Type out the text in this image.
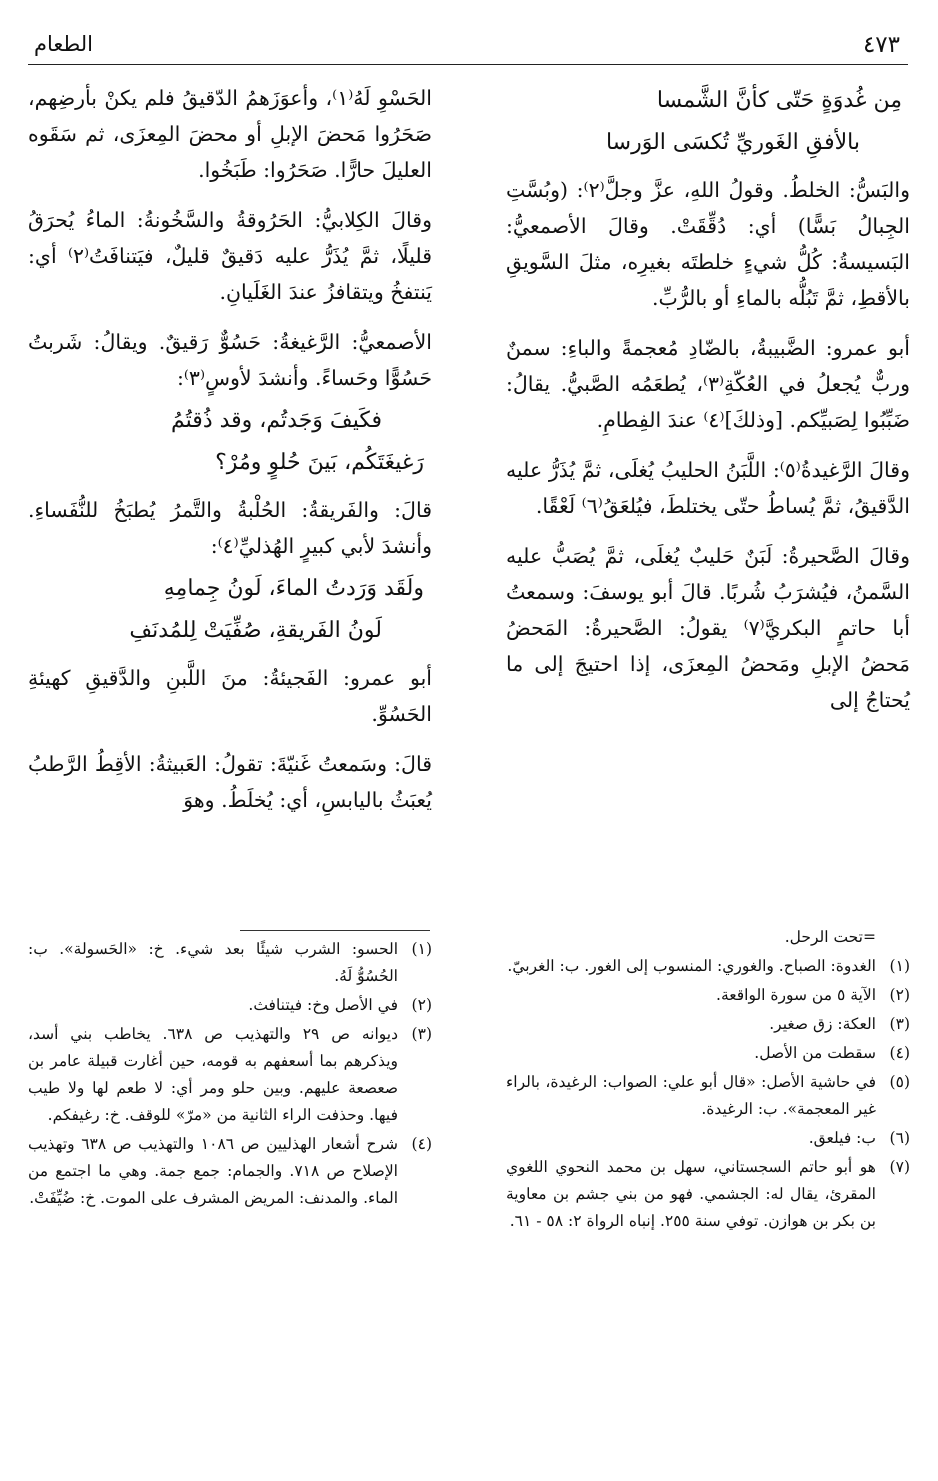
٤٧٣
الطعام
مِن غُدوَةٍ حَتّى كأنَّ الشَّمسا
بالأفقِ الغَوريِّ تُكسَى الوَرسا

والبَسُّ: الخلطُ. وقولُ اللهِ، عزَّ وجلَّ⁽٢⁾: (وبُسَّتِ الجِبالُ بَسًّا) أي: دُقِّقَتْ. وقالَ الأصمعيُّ: البَسيسةُ: كُلُّ شيءٍ خلطتَه بغيرِه، مثلَ السَّويقِ بالأقطِ، ثمَّ تَبُلُّه بالماءِ أو بالرُّبِّ.

أبو عمرو: الضَّبيبةُ، بالضّادِ مُعجمةً والباءِ: سمنٌ وربٌّ يُجعلُ في العُكّةِ⁽٣⁾، يُطعَمُه الصَّبيُّ. يقالُ: ضَبِّبُوا لِصَبيِّكم. [وذلكَ]⁽٤⁾ عندَ الفِطامِ.

وقالَ الرَّغيدةُ⁽٥⁾: اللَّبَنُ الحليبُ يُغلَى، ثمَّ يُذَرُّ عليه الدَّقيقُ، ثمَّ يُساطُ حتّى يختلطَ، فيُلعَقُ⁽٦⁾ لَعْقًا.

وقالَ الصَّحيرةُ: لَبَنٌ حَليبٌ يُغلَى، ثمَّ يُصَبُّ عليه السَّمنُ، فيُشرَبُ شُربًا. قالَ أبو يوسفَ: وسمعتُ أبا حاتمٍ البكريَّ⁽٧⁾ يقولُ: الصَّحيرةُ: المَحضُ مَحضُ الإبلِ ومَحضُ المِعزَى، إذا احتيجَ إلى ما يُحتاجُ إلى

الحَسْوِ لَهُ⁽١⁾، وأعوَزَهمُ الدّقيقُ فلم يكنْ بأرضِهم، صَحَرُوا مَحضَ الإبلِ أو محضَ المِعزَى، ثم سَقَوه العليلَ حارًّا. صَحَرُوا: طَبَخُوا.

وقالَ الكِلابيُّ: الحَرُوقةُ والسَّخُونةُ: الماءُ يُحرَقُ قليلًا، ثمَّ يُذَرُّ عليه دَقيقٌ قليلٌ، فيَتنافَتُ⁽٢⁾ أي: يَنتفخُ ويتقافزُ عندَ الغَلَيانِ.

الأصمعيُّ: الرَّغيغةُ: حَسُوٌّ رَقيقٌ. ويقالُ: شَربتُ حَسُوًّا وحَساءً. وأنشدَ لأوسٍ⁽٣⁾:

فكَيفَ وَجَدتُم، وقد ذُقتُمُ
رَغيغَتَكُم، بَينَ حُلوٍ ومُرْ؟

قالَ: والفَريقةُ: الحُلْبةُ والتَّمرُ يُطبَخُ للنُّفَساءِ. وأنشدَ لأبي كبيرٍ الهُذليِّ⁽٤⁾:

ولَقَد وَرَدتُ الماءَ، لَونُ جِمامِهِ
لَونُ الفَريقةِ، صُفِّيَتْ لِلمُدنَفِ

أبو عمرو: الفَجيئةُ: منَ اللَّبنِ والدَّقيقِ كهيئةِ الحَسُوِّ.

قالَ: وسَمعتُ غَنيّةَ: تقولُ: العَبيثةُ: الأقِطُ الرَّطبُ يُعبَثُ باليابسِ، أي: يُخلَطُ. وهوَ

=تحت الرحل.
(١)
الغدوة: الصباح. والغوري: المنسوب إلى الغور. ب: الغربيّ.
(٢)
الآية ٥ من سورة الواقعة.
(٣)
العكة: زق صغير.
(٤)
سقطت من الأصل.
(٥)
في حاشية الأصل: «قال أبو علي: الصواب: الرغيدة، بالراء غير المعجمة». ب: الرغيدة.
(٦)
ب: فيلعق.
(٧)
هو أبو حاتم السجستاني، سهل بن محمد النحوي اللغوي المقرئ، يقال له: الجشمي. فهو من بني جشم بن معاوية بن بكر بن هوازن. توفي سنة ٢٥٥. إنباه الرواة ٢: ٥٨ - ٦١.
(١)
الحسو: الشرب شيئًا بعد شيء. خ: «الحَسولة». ب: الحُسُوُّ لَهُ.
(٢)
في الأصل وخ: فيتنافث.
(٣)
ديوانه ص ٢٩ والتهذيب ص ٦٣٨. يخاطب بني أسد، ويذكرهم بما أسعفهم به قومه، حين أغارت قبيلة عامر بن صعصعة عليهم. وبين حلو ومر أي: لا طعم لها ولا طيب فيها. وحذفت الراء الثانية من «مرّ» للوقف. خ: رغيفكم.
(٤)
شرح أشعار الهذليين ص ١٠٨٦ والتهذيب ص ٦٣٨ وتهذيب الإصلاح ص ٧١٨. والجمام: جمع جمة. وهي ما اجتمع من الماء. والمدنف: المريض المشرف على الموت. خ: ضُيِّفَتْ.
